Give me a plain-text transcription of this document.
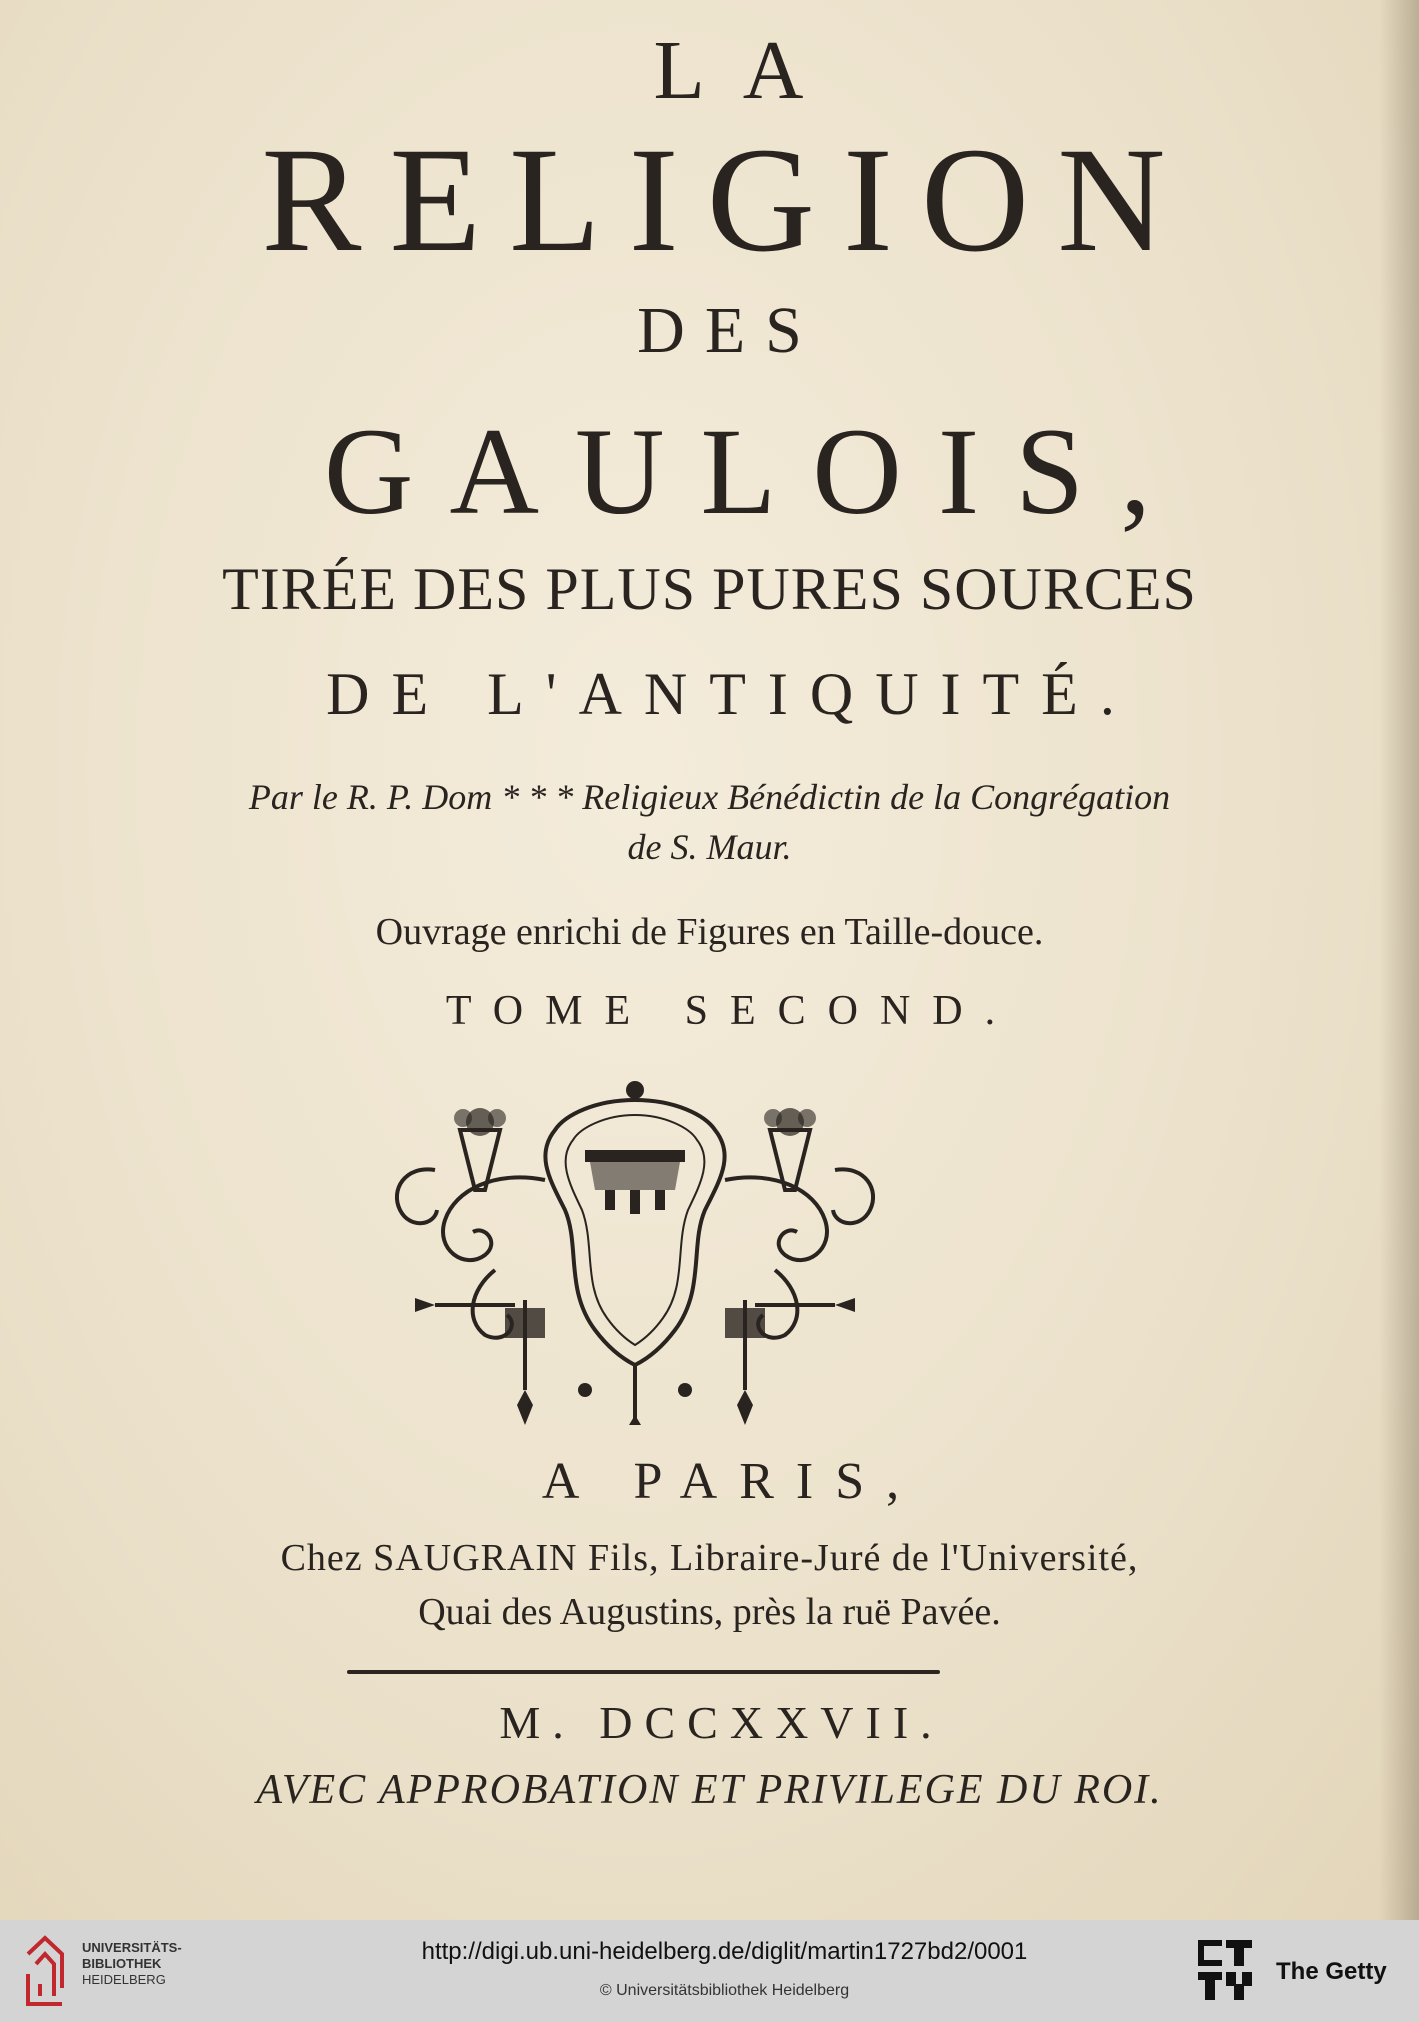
LA
RELIGION
DES
GAULOIS,
TIRÉE DES PLUS PURES SOURCES
DE L'ANTIQUITÉ.
Par le R. P. Dom * * * Religieux Bénédictin de la Congrégation
de S. Maur.
Ouvrage enrichi de Figures en Taille-douce.
TOME SECOND.
A PARIS,
Chez SAUGRAIN Fils, Libraire-Juré de l'Université,
Quai des Augustins, près la ruë Pavée.
M. DCCXXVII.
AVEC APPROBATION ET PRIVILEGE DU ROI.
UNIVERSITÄTS-
BIBLIOTHEK
HEIDELBERG
http://digi.ub.uni-heidelberg.de/diglit/martin1727bd2/0001
© Universitätsbibliothek Heidelberg
The Getty
